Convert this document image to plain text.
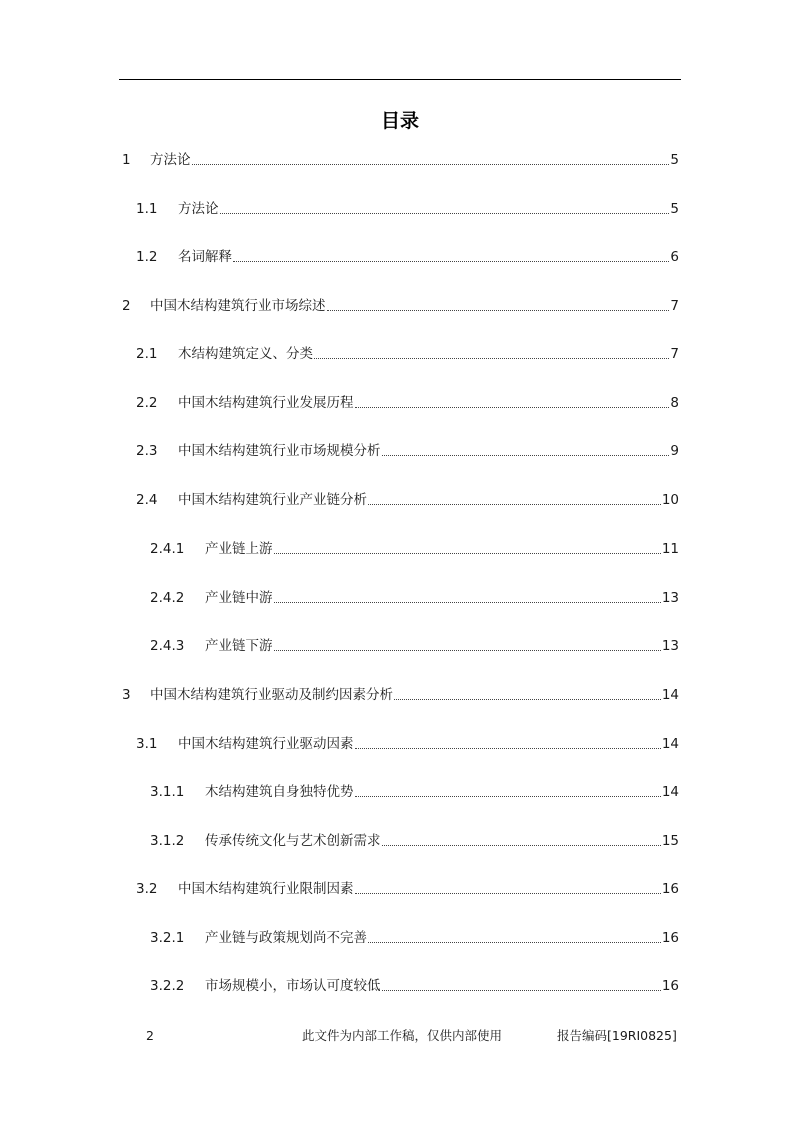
目录
1	方法论	5
1.1	方法论	5
1.2	名词解释	6
2	中国木结构建筑行业市场综述	7
2.1	木结构建筑定义、分类	7
2.2	中国木结构建筑行业发展历程	8
2.3	中国木结构建筑行业市场规模分析	9
2.4	中国木结构建筑行业产业链分析	10
2.4.1	产业链上游	11
2.4.2	产业链中游	13
2.4.3	产业链下游	13
3	中国木结构建筑行业驱动及制约因素分析	14
3.1	中国木结构建筑行业驱动因素	14
3.1.1	木结构建筑自身独特优势	14
3.1.2	传承传统文化与艺术创新需求	15
3.2	中国木结构建筑行业限制因素	16
3.2.1	产业链与政策规划尚不完善	16
3.2.2	市场规模小，市场认可度较低	16
2	此文件为内部工作稿，仅供内部使用	报告编码[19RI0825]
